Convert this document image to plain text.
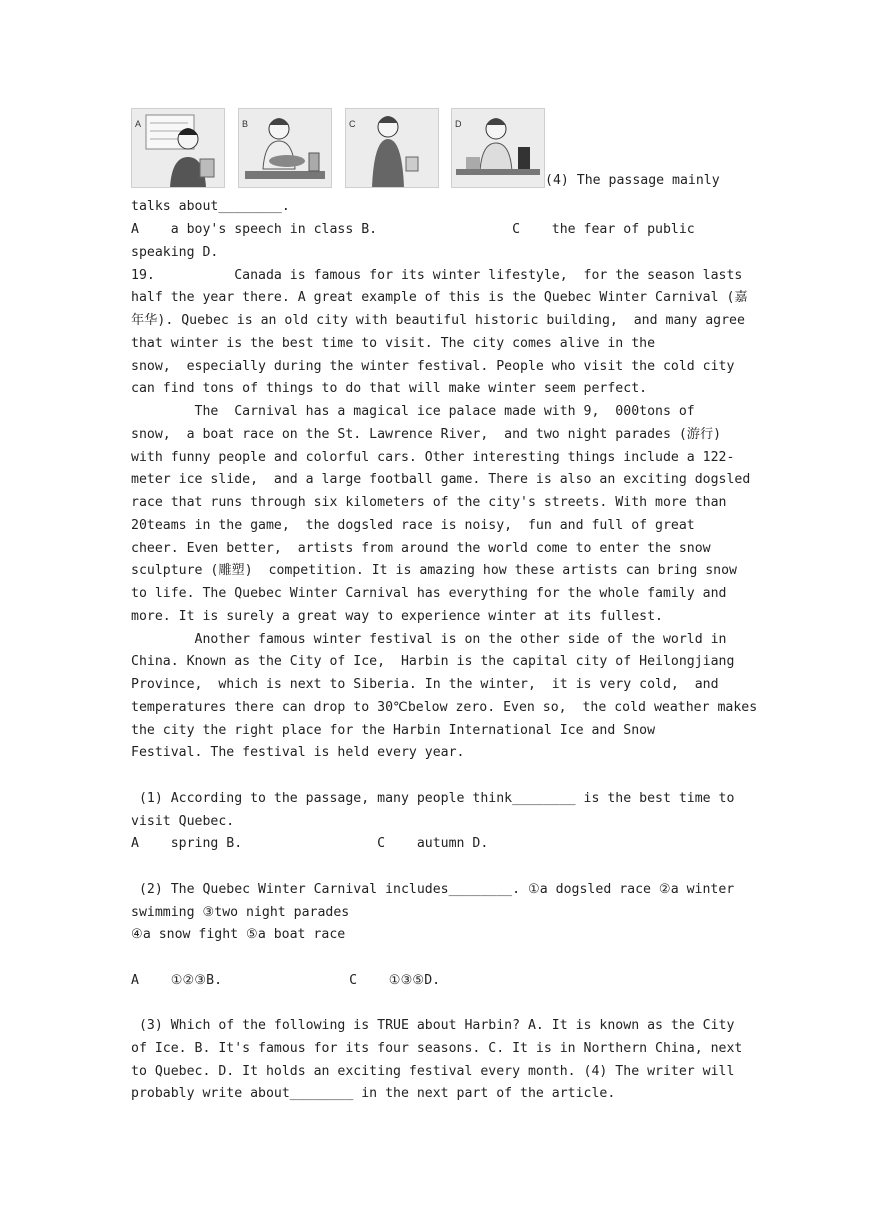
A	B	C	D
(4) The passage mainly
talks about________.
A    a boy's speech in class B.                 C    the fear of public
speaking D.
19.          Canada is famous for its winter lifestyle,  for the season lasts
half the year there. A great example of this is the Quebec Winter Carnival (嘉
年华). Quebec is an old city with beautiful historic building,  and many agree
that winter is the best time to visit. The city comes alive in the
snow,  especially during the winter festival. People who visit the cold city
can find tons of things to do that will make winter seem perfect.
The  Carnival has a magical ice palace made with 9,  000tons of
snow,  a boat race on the St. Lawrence River,  and two night parades (游行)
with funny people and colorful cars. Other interesting things include a 122-
meter ice slide,  and a large football game. There is also an exciting dogsled
race that runs through six kilometers of the city's streets. With more than
20teams in the game,  the dogsled race is noisy,  fun and full of great
cheer. Even better,  artists from around the world come to enter the snow
sculpture (雕塑)  competition. It is amazing how these artists can bring snow
to life. The Quebec Winter Carnival has everything for the whole family and
more. It is surely a great way to experience winter at its fullest.
Another famous winter festival is on the other side of the world in
China. Known as the City of Ice,  Harbin is the capital city of Heilongjiang
Province,  which is next to Siberia. In the winter,  it is very cold,  and
temperatures there can drop to 30℃below zero. Even so,  the cold weather makes
the city the right place for the Harbin International Ice and Snow
Festival. The festival is held every year.
(1) According to the passage, many people think________ is the best time to
visit Quebec.
A    spring B.                 C    autumn D.
(2) The Quebec Winter Carnival includes________. ①a dogsled race ②a winter
swimming ③two night parades
④a snow fight ⑤a boat race
A    ①②③B.                C    ①③⑤D.
(3) Which of the following is TRUE about Harbin? A. It is known as the City
of Ice. B. It's famous for its four seasons. C. It is in Northern China, next
to Quebec. D. It holds an exciting festival every month. (4) The writer will
probably write about________ in the next part of the article.
